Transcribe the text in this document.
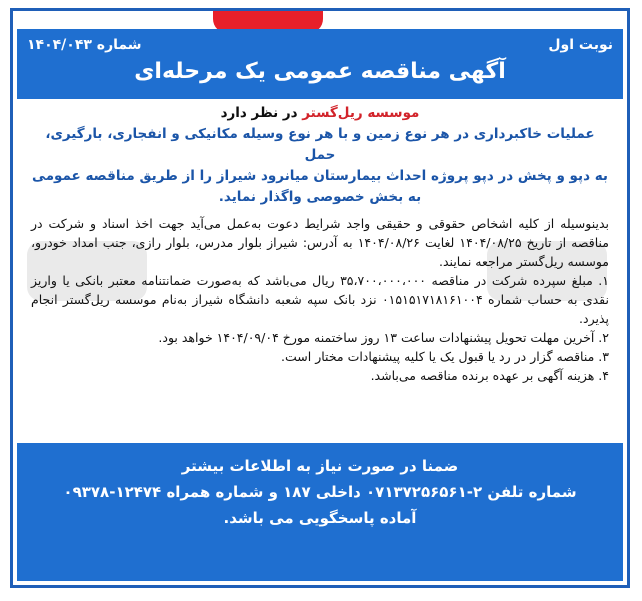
نوبت اول
شماره ۱۴۰۴/۰۴۳
آگهی مناقصه عمومی یک مرحله‌ای

موسسه ریل‌گستر در نظر دارد

عملیات خاکبرداری در هر نوع زمین و با هر نوع وسیله مکانیکی و انفجاری، بارگیری، حمل

به دپو و پخش در دپو پروژه احداث بیمارستان میانرود شیراز را از طریق مناقصه عمومی

به بخش خصوصی واگذار نماید.

بدینوسیله از کلیه اشخاص حقوقی و حقیقی واجد شرایط دعوت به‌عمل می‌آید جهت اخذ اسناد و شرکت در مناقصه از تاریخ ۱۴۰۴/۰۸/۲۵ لغایت ۱۴۰۴/۰۸/۲۶ به آدرس: شیراز بلوار مدرس، بلوار رازی، جنب امداد خودرو، موسسه ریل‌گستر مراجعه نمایند.

۱. مبلغ سپرده شرکت در مناقصه ۳۵،۷۰۰،۰۰۰،۰۰۰ ریال می‌باشد که به‌صورت ضمانتنامه معتبر بانکی یا واریز نقدی به حساب شماره ۰۱۵۱۵۱۷۱۸۱۶۱۰۰۴ نزد بانک سپه شعبه دانشگاه شیراز به‌نام موسسه ریل‌گستر انجام پذیرد.

۲. آخرین مهلت تحویل پیشنهادات ساعت ۱۳ روز ساختمنه مورخ ۱۴۰۴/۰۹/۰۴ خواهد بود.

۳. مناقصه گزار در رد یا قبول یک یا کلیه پیشنهادات مختار است.

۴. هزینه آگهی بر عهده برنده مناقصه می‌باشد.

ضمنا در صورت نیاز به اطلاعات بیشتر
شماره تلفن ۲-۰۷۱۳۷۲۵۶۵۶۱ داخلی ۱۸۷ و شماره همراه ۱۲۴۷۴-۰۹۳۷۸
آماده پاسخگویی می باشد.
